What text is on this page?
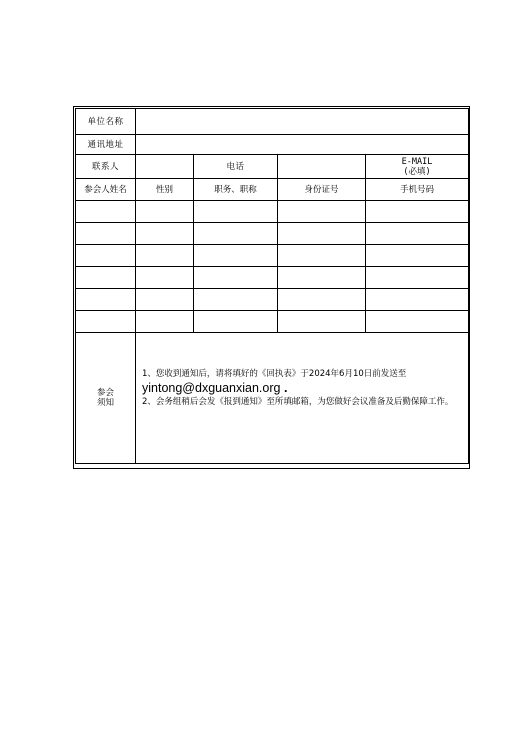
单位名称				
通讯地址				
联系人		电话		E-MAIL
(必填)
参会人姓名	性别	职务、职称	身份证号	手机号码

参会
须知	1、您收到通知后，请将填好的《回执表》于2024年6月10日前发送至
yintong@dxguanxian.org .
2、会务组稍后会发《报到通知》至所填邮箱，为您做好会议准备及后勤保障工作。			
